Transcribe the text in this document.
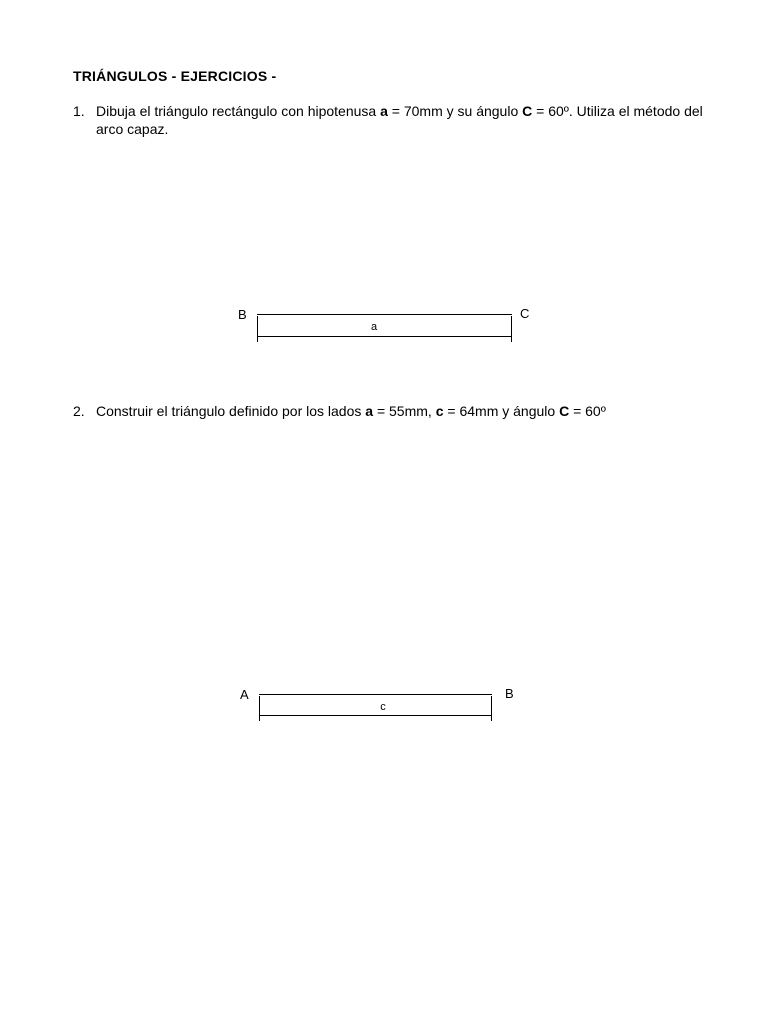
TRIÁNGULOS - EJERCICIOS -
1. Dibuja el triángulo rectángulo con hipotenusa a = 70mm y su ángulo C = 60º. Utiliza el método del arco capaz.
B	C
a
2. Construir el triángulo definido por los lados a = 55mm, c = 64mm y ángulo C = 60º
A	B
c
